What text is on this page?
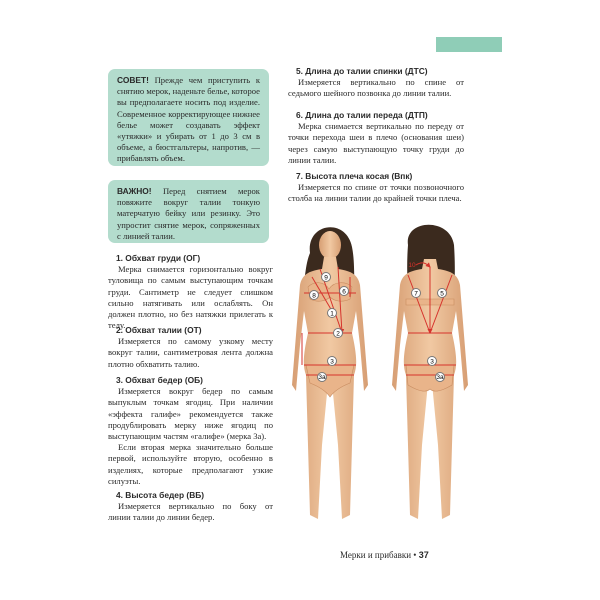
СОВЕТ! Прежде чем приступить к снятию мерок, наденьте белье, которое вы предполагаете носить под изделие. Современное корректирующее нижнее белье может создавать эффект «утяжки» и убирать от 1 до 3 см в объеме, а бюстгальтеры, напротив, — прибавлять объем.
ВАЖНО! Перед снятием мерок повяжите вокруг талии тонкую матерчатую бейку или резинку. Это упростит снятие мерок, сопряженных с линией талии.
1. Обхват груди (ОГ)

Мерка снимается горизонтально вокруг туловища по самым выступающим точкам груди. Сантиметр не следует слишком сильно натягивать или ослаблять. Он должен плотно, но без натяжки прилегать к телу.

2. Обхват талии (ОТ)

Измеряется по самому узкому месту вокруг талии, сантиметровая лента должна плотно обхватить талию.

3. Обхват бедер (ОБ)

Измеряется вокруг бедер по самым выпуклым точкам ягодиц. При наличии «эффекта галифе» рекомендуется также продублировать мерку ниже ягодиц по выступающим частям «галифе» (мерка 3а).

Если вторая мерка значительно больше первой, используйте вторую, особенно в изделиях, которые предполагают узкие силуэты.

4. Высота бедер (ВБ)

Измеряется вертикально по боку от линии талии до линии бедер.

5. Длина до талии спинки (ДТС)

Измеряется вертикально по спине от седьмого шейного позвонка до линии талии.

6. Длина до талии переда (ДТП)

Мерка снимается вертикально по переду от точки перехода шеи в плечо (основания шеи) через самую выступающую точку груди до линии талии.

7. Высота плеча косая (Впк)

Измеряется по спине от точки позвоночного столба на линии талии до крайней точки плеча.

9
8
6
1
2
3
3а
10
7	5
3
3а
Мерки и прибавки • 37
